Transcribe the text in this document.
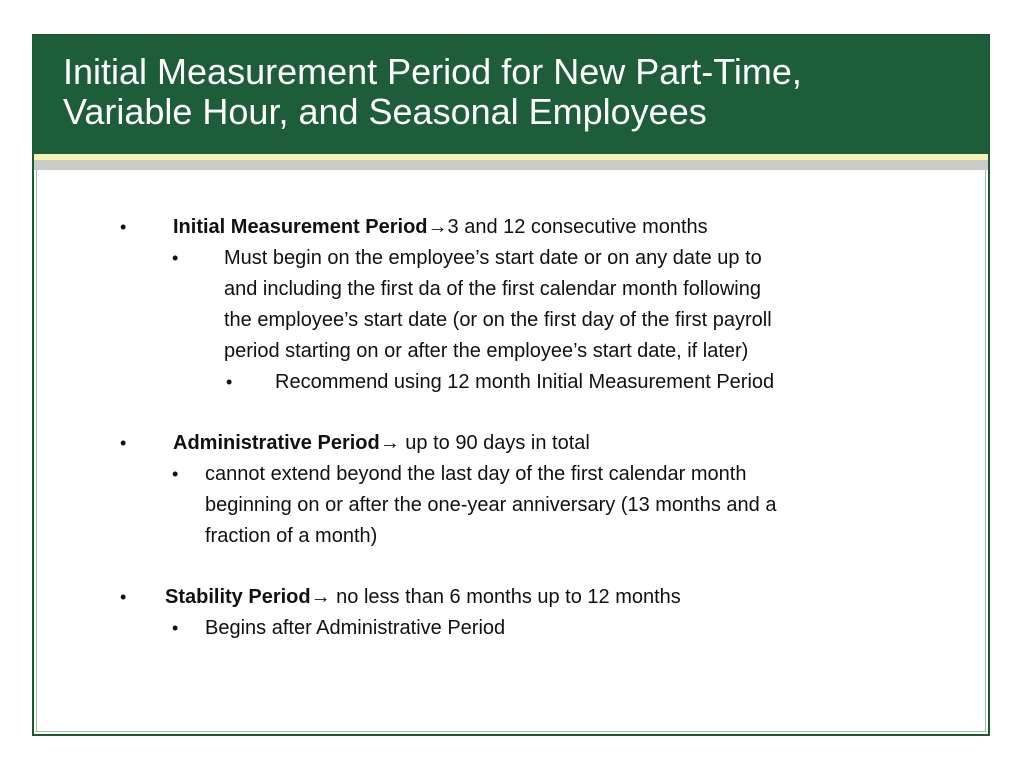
Initial Measurement Period for New Part-Time,
Variable Hour, and Seasonal Employees
• Initial Measurement Period→3 and 12 consecutive months
• Must begin on the employee’s start date or on any date up to
and including the first da of the first calendar month following
the employee’s start date (or on the first day of the first payroll
period starting on or after the employee’s start date, if later)
• Recommend using 12 month Initial Measurement Period
• Administrative Period→ up to 90 days in total
• cannot extend beyond the last day of the first calendar month
beginning on or after the one-year anniversary (13 months and a
fraction of a month)
• Stability Period→ no less than 6 months up to 12 months
• Begins after Administrative Period
